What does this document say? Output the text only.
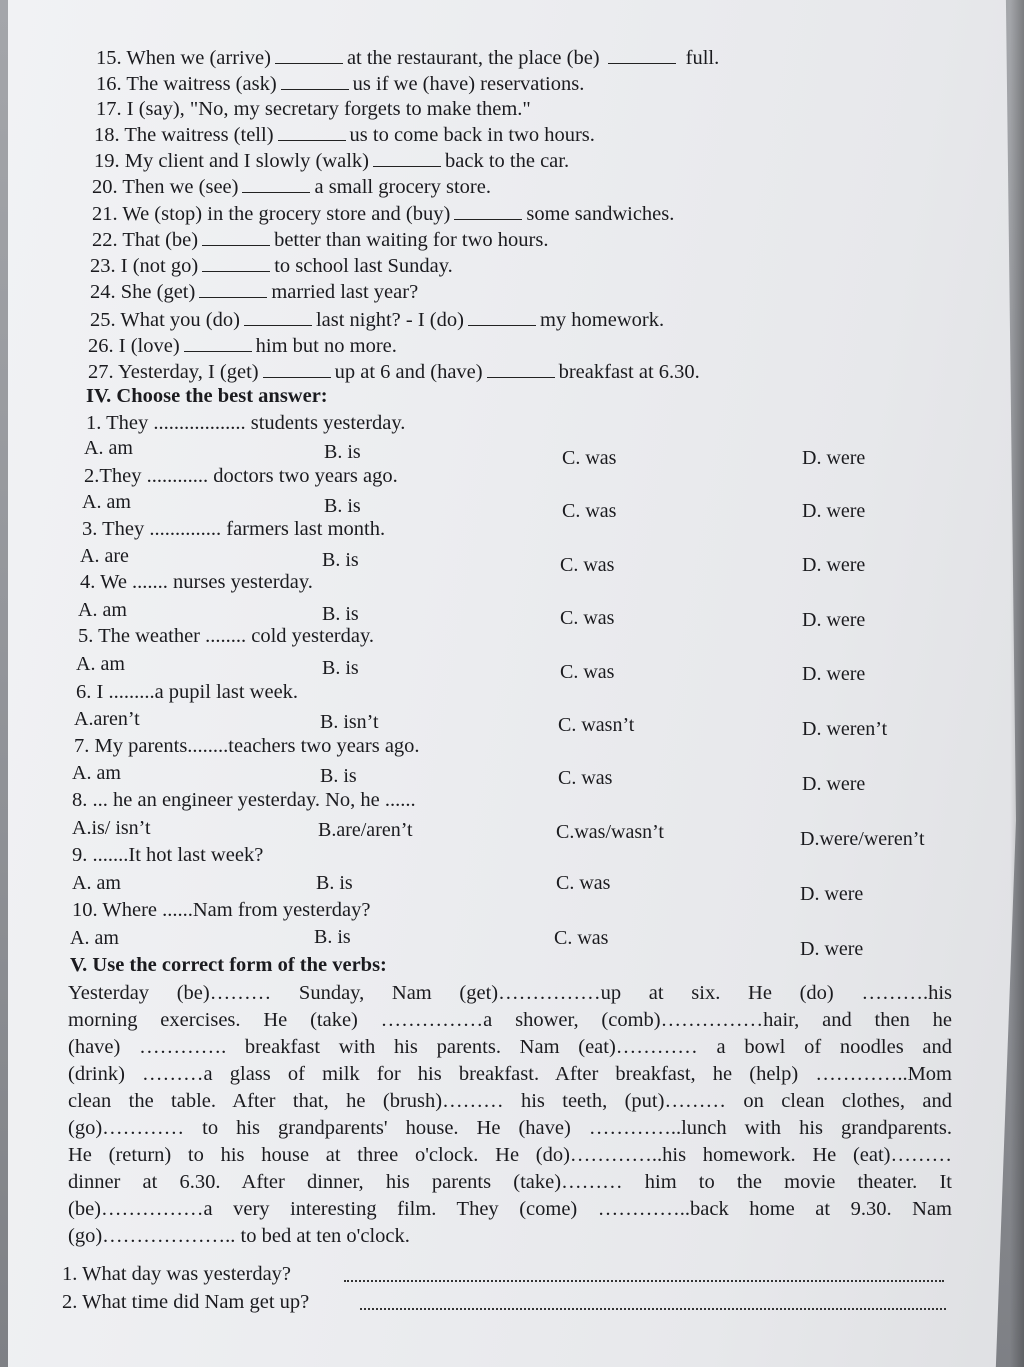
15. When we (arrive)	at the restaurant, the place (be)	full.
16. The waitress (ask)	us if we (have) reservations.
17. I (say), "No, my secretary forgets to make them."
18. The waitress (tell)	us to come back in two hours.
19. My client and I slowly (walk)	back to the car.
20. Then we (see)	a small grocery store.
21. We (stop) in the grocery store and (buy)	some sandwiches.
22. That (be)	better than waiting for two hours.
23. I (not go)	to school last Sunday.
24. She (get)	married last year?
25. What you (do)	last night? - I (do)	my homework.
26. I (love)	him but no more.
27. Yesterday, I (get)	up at 6 and (have)	breakfast at 6.30.
IV. Choose the best answer:
1. They .................. students yesterday.
A. am	B. is	C. was	D. were
2.They ............ doctors two years ago.
A. am	B. is	C. was	D. were
3. They .............. farmers last month.
A. are	B. is	C. was	D. were
4. We ....... nurses yesterday.
A. am	B. is	C. was	D. were
5. The weather ........ cold yesterday.
A. am	B. is	C. was	D. were
6. I .........a pupil last week.
A.aren’t	B. isn’t	C. wasn’t	D. weren’t
7. My parents........teachers two years ago.
A. am	B. is	C. was	D. were
8. ... he an engineer yesterday. No, he ......
A.is/ isn’t	B.are/aren’t	C.was/wasn’t	D.were/weren’t
9. .......It hot last week?
A. am	B. is	C. was	D. were
10. Where ......Nam from yesterday?
A. am	B. is	C. was	D. were
V. Use the correct form of the verbs:
Yesterday (be)……… Sunday, Nam (get)……………up at six. He (do) ……….his
morning exercises. He (take) ……………a shower, (comb)……………hair, and then he
(have) …………. breakfast with his parents. Nam (eat)………… a bowl of noodles and
(drink) ………a glass of milk for his breakfast. After breakfast, he (help) …………..Mom
clean the table. After that, he (brush)……… his teeth, (put)……… on clean clothes, and
(go)………… to his grandparents' house. He (have) …………..lunch with his grandparents.
He (return) to his house at three o'clock. He (do)…………..his homework. He (eat)………
dinner at 6.30. After dinner, his parents (take)……… him to the movie theater. It
(be)……………a very interesting film. They (come) …………..back home at 9.30. Nam
(go)……………….. to bed at ten o'clock.
1. What day was yesterday?
2. What time did Nam get up?
